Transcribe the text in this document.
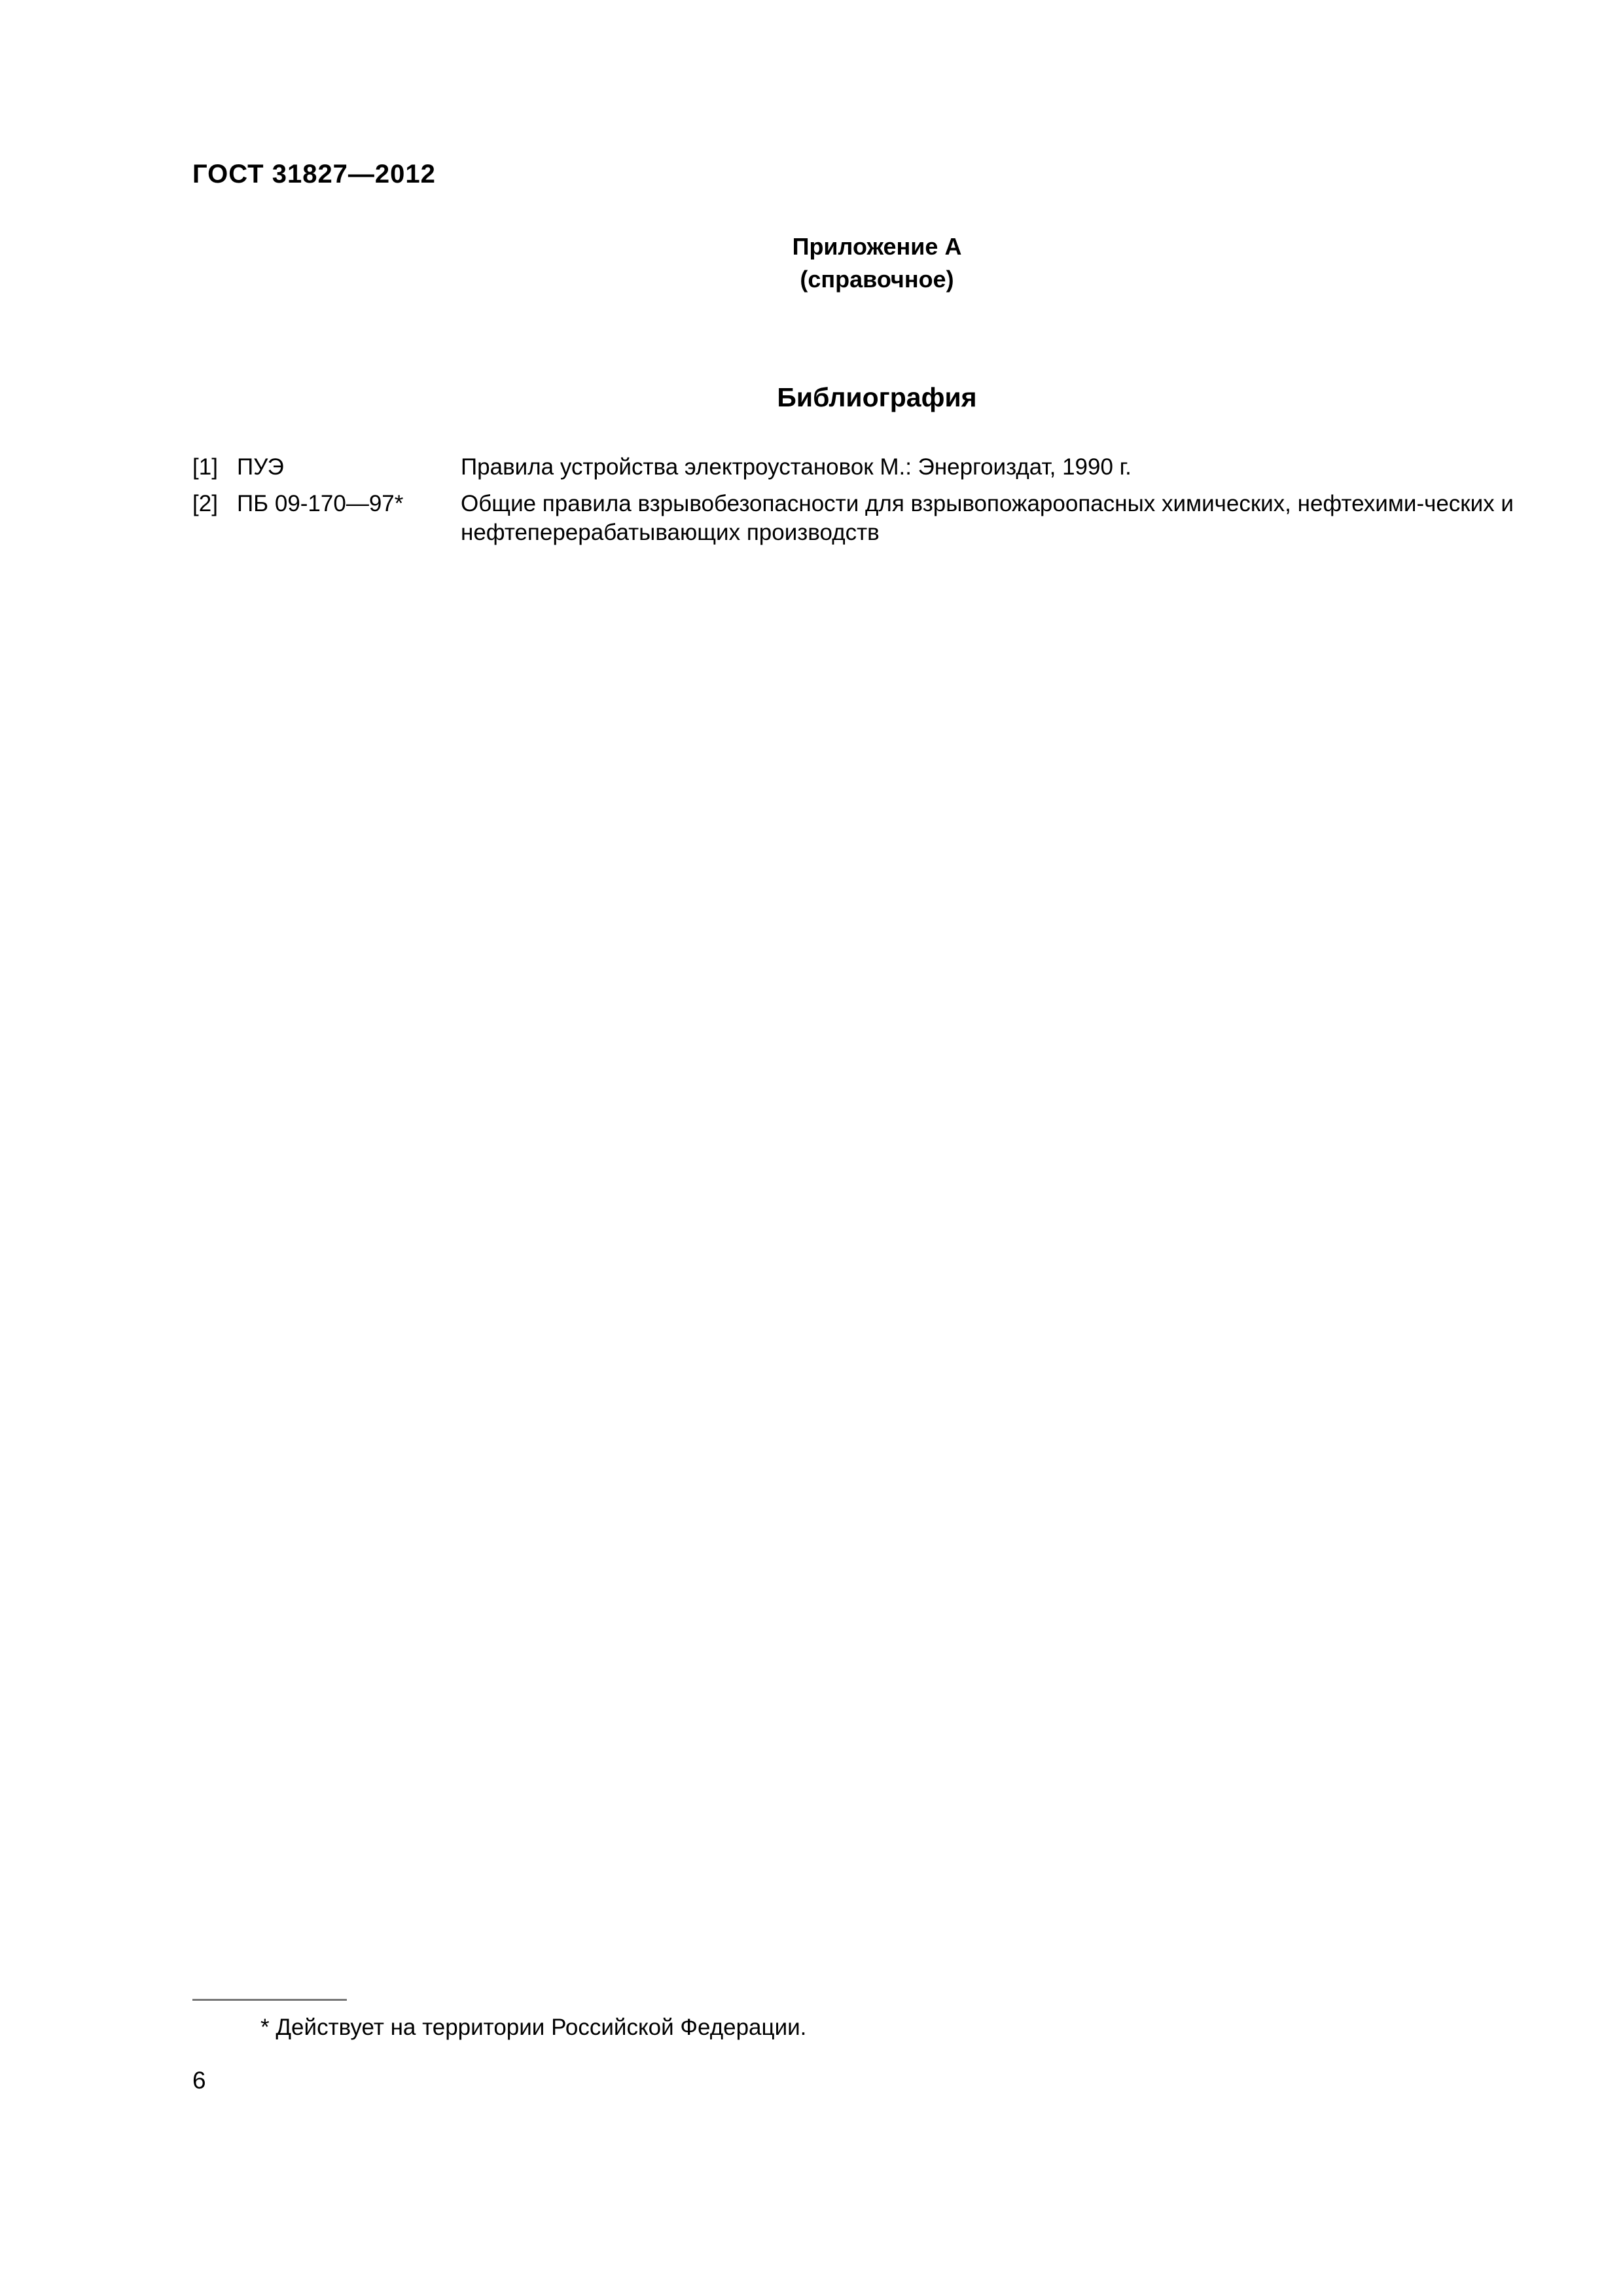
ГОСТ 31827—2012
Приложение А
(справочное)
Библиография
[1] ПУЭ	Правила устройства электроустановок М.: Энергоиздат, 1990 г.
[2] ПБ 09-170—97*	Общие правила взрывобезопасности для взрывопожароопасных химических, нефтехими-ческих и нефтеперерабатывающих производств
* Действует на территории Российской Федерации.
6
